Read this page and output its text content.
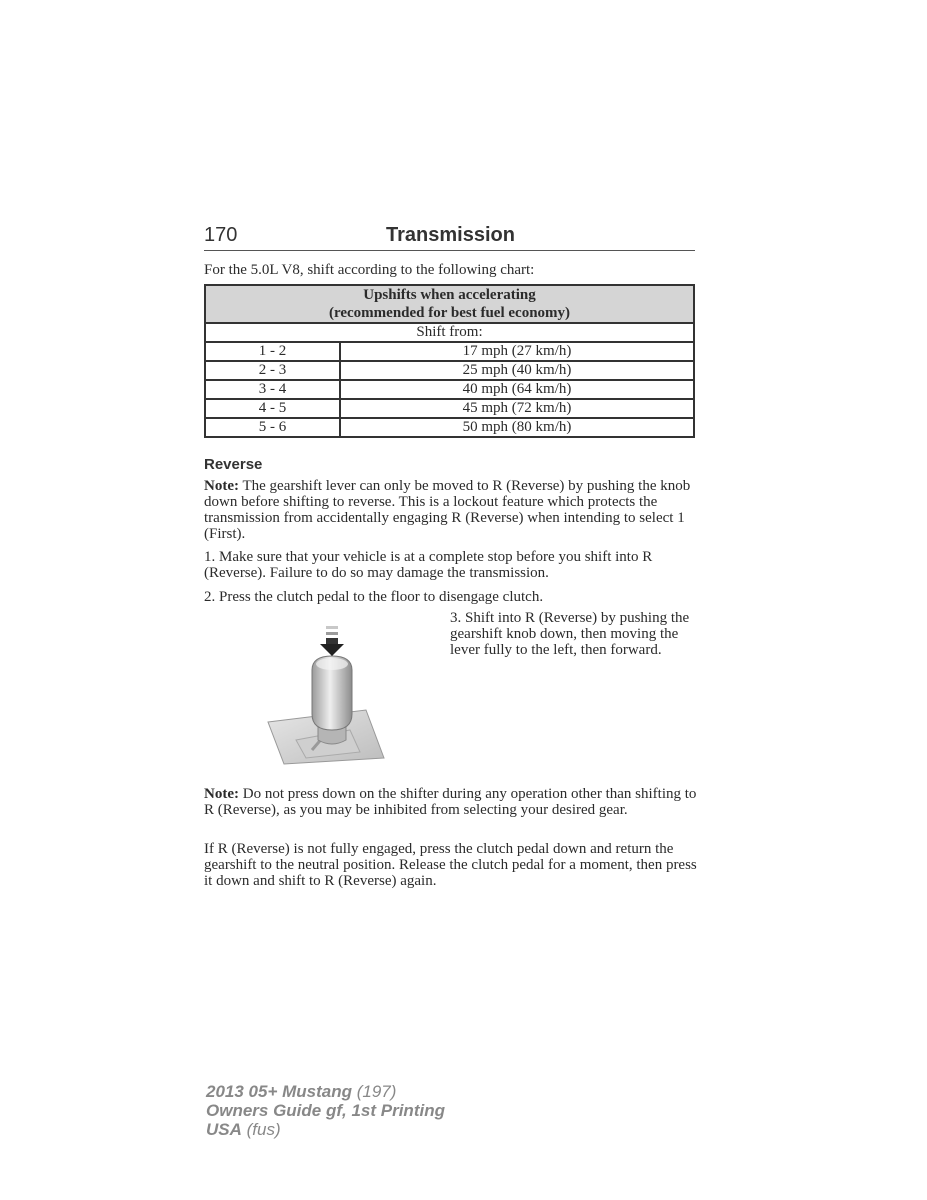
170	Transmission

For the 5.0L V8, shift according to the following chart:

Upshifts when accelerating
(recommended for best fuel economy)	
Shift from:	
1 - 2	17 mph (27 km/h)
2 - 3	25 mph (40 km/h)
3 - 4	40 mph (64 km/h)
4 - 5	45 mph (72 km/h)
5 - 6	50 mph (80 km/h)
Reverse

Note: The gearshift lever can only be moved to R (Reverse) by pushing the knob down before shifting to reverse. This is a lockout feature which protects the transmission from accidentally engaging R (Reverse) when intending to select 1 (First).

1. Make sure that your vehicle is at a complete stop before you shift into R (Reverse). Failure to do so may damage the transmission.

2. Press the clutch pedal to the floor to disengage clutch.

3. Shift into R (Reverse) by pushing the gearshift knob down, then moving the lever fully to the left, then forward.

Note: Do not press down on the shifter during any operation other than shifting to R (Reverse), as you may be inhibited from selecting your desired gear.

If R (Reverse) is not fully engaged, press the clutch pedal down and return the gearshift to the neutral position. Release the clutch pedal for a moment, then press it down and shift to R (Reverse) again.

2013 05+ Mustang (197)
Owners Guide gf, 1st Printing
USA (fus)
